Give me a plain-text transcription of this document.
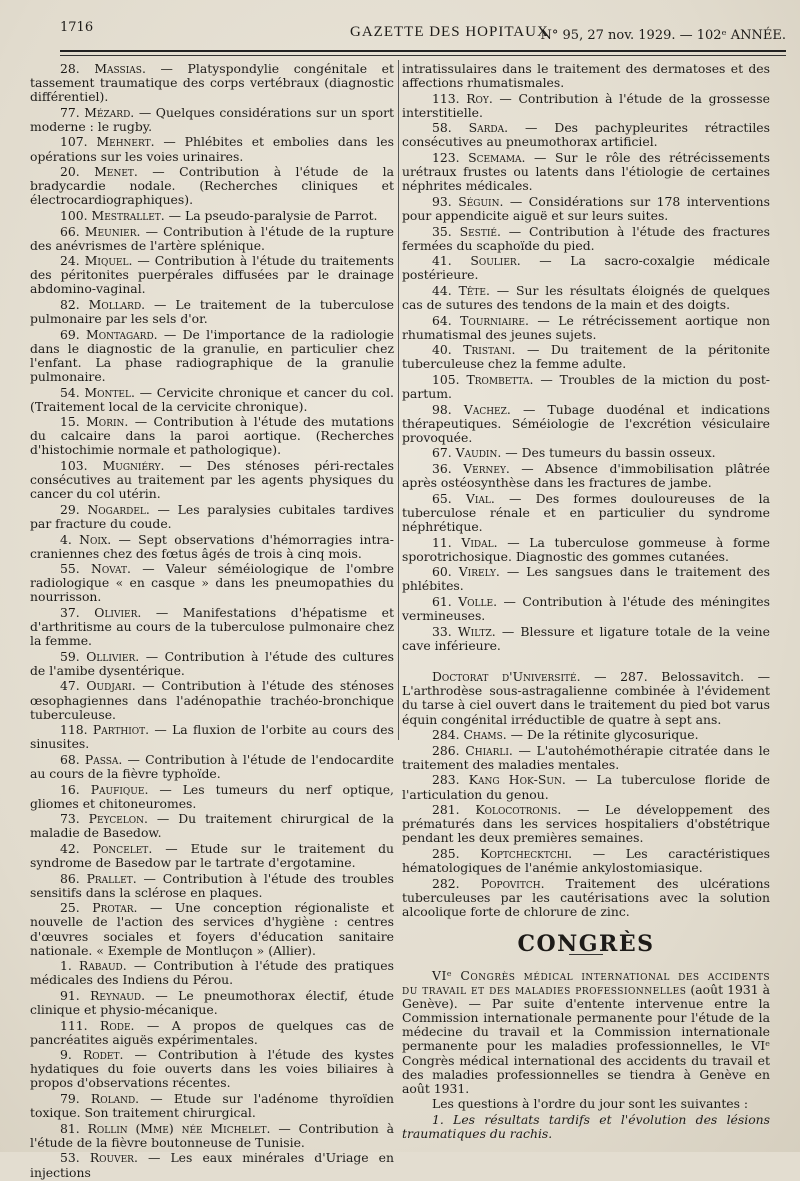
1716	GAZETTE DES HOPITAUX
N° 95, 27 nov. 1929. — 102ᵉ ANNÉE.
28. Massias. — Platyspondylie congénitale et tassement traumatique des corps vertébraux (diagnostic différentiel).
77. Mézard. — Quelques considérations sur un sport moderne : le rugby.
107. Mehnert. — Phlébites et embolies dans les opérations sur les voies urinaires.
20. Menet. — Contribution à l'étude de la bradycardie nodale. (Recherches cliniques et électrocardiographiques).
100. Mestrallet. — La pseudo-paralysie de Parrot.
66. Meunier. — Contribution à l'étude de la rupture des anévrismes de l'artère splénique.
24. Miquel. — Contribution à l'étude du traitements des péritonites puerpérales diffusées par le drainage abdomino-vaginal.
82. Mollard. — Le traitement de la tuberculose pulmonaire par les sels d'or.
69. Montagard. — De l'importance de la radiologie dans le diagnostic de la granulie, en particulier chez l'enfant. La phase radiographique de la granulie pulmonaire.
54. Montel. — Cervicite chronique et cancer du col. (Traitement local de la cervicite chronique).
15. Morin. — Contribution à l'étude des mutations du calcaire dans la paroi aortique. (Recherches d'histochimie normale et pathologique).
103. Mugniéry. — Des sténoses péri-rectales consécutives au traitement par les agents physiques du cancer du col utérin.
29. Nogardel. — Les paralysies cubitales tardives par fracture du coude.
4. Noix. — Sept observations d'hémorragies intra-craniennes chez des fœtus âgés de trois à cinq mois.
55. Novat. — Valeur séméiologique de l'ombre radiologique « en casque » dans les pneumopathies du nourrisson.
37. Olivier. — Manifestations d'hépatisme et d'arthritisme au cours de la tuberculose pulmonaire chez la femme.
59. Ollivier. — Contribution à l'étude des cultures de l'amibe dysentérique.
47. Oudjari. — Contribution à l'étude des sténoses œsophagiennes dans l'adénopathie trachéo-bronchique tuberculeuse.
118. Parthiot. — La fluxion de l'orbite au cours des sinusites.
68. Passa. — Contribution à l'étude de l'endocardite au cours de la fièvre typhoïde.
16. Paufique. — Les tumeurs du nerf optique, gliomes et chitoneuromes.
73. Peycelon. — Du traitement chirurgical de la maladie de Basedow.
42. Poncelet. — Etude sur le traitement du syndrome de Basedow par le tartrate d'ergotamine.
86. Prallet. — Contribution à l'étude des troubles sensitifs dans la sclérose en plaques.
25. Protar. — Une conception régionaliste et nouvelle de l'action des services d'hygiène : centres d'œuvres sociales et foyers d'éducation sanitaire nationale. « Exemple de Montluçon » (Allier).
1. Rabaud. — Contribution à l'étude des pratiques médicales des Indiens du Pérou.
91. Reynaud. — Le pneumothorax électif, étude clinique et physio-mécanique.
111. Rode. — A propos de quelques cas de pancréatites aiguës expérimentales.
9. Rodet. — Contribution à l'étude des kystes hydatiques du foie ouverts dans les voies biliaires à propos d'observations récentes.
79. Roland. — Etude sur l'adénome thyroïdien toxique. Son traitement chirurgical.
81. Rollin (Mme) née Michelet. — Contribution à l'étude de la fièvre boutonneuse de Tunisie.
53. Rouver. — Les eaux minérales d'Uriage en injections
intratissulaires dans le traitement des dermatoses et des affections rhumatismales.
113. Roy. — Contribution à l'étude de la grossesse interstitielle.
58. Sarda. — Des pachypleurites rétractiles consécutives au pneumothorax artificiel.
123. Scemama. — Sur le rôle des rétrécissements urétraux frustes ou latents dans l'étiologie de certaines néphrites médicales.
93. Séguin. — Considérations sur 178 interventions pour appendicite aiguë et sur leurs suites.
35. Sestié. — Contribution à l'étude des fractures fermées du scaphoïde du pied.
41. Soulier. — La sacro-coxalgie médicale postérieure.
44. Tête. — Sur les résultats éloignés de quelques cas de sutures des tendons de la main et des doigts.
64. Tourniaire. — Le rétrécissement aortique non rhumatismal des jeunes sujets.
40. Tristani. — Du traitement de la péritonite tuberculeuse chez la femme adulte.
105. Trombetta. — Troubles de la miction du post-partum.
98. Vachez. — Tubage duodénal et indications thérapeutiques. Séméiologie de l'excrétion vésiculaire provoquée.
67. Vaudin. — Des tumeurs du bassin osseux.
36. Verney. — Absence d'immobilisation plâtrée après ostéosynthèse dans les fractures de jambe.
65. Vial. — Des formes douloureuses de la tuberculose rénale et en particulier du syndrome néphrétique.
11. Vidal. — La tuberculose gommeuse à forme sporotrichosique. Diagnostic des gommes cutanées.
60. Virely. — Les sangsues dans le traitement des phlébites.
61. Volle. — Contribution à l'étude des méningites vermineuses.
33. Wiltz. — Blessure et ligature totale de la veine cave inférieure.
Doctorat d'Université. — 287. Belossavitch. — L'arthrodèse sous-astragalienne combinée à l'évidement du tarse à ciel ouvert dans le traitement du pied bot varus équin congénital irréductible de quatre à sept ans.
284. Chams. — De la rétinite glycosurique.
286. Chiarli. — L'autohémothérapie citratée dans le traitement des maladies mentales.
283. Kang Hok-Sun. — La tuberculose floride de l'articulation du genou.
281. Kolocotronis. — Le développement des prématurés dans les services hospitaliers d'obstétrique pendant les deux premières semaines.
285. Koptchecktchi. — Les caractéristiques hématologiques de l'anémie ankylostomiasique.
282. Popovitch. Traitement des ulcérations tuberculeuses par les cautérisations avec la solution alcoolique forte de chlorure de zinc.
CONGRÈS
VIᵉ Congrès médical international des accidents du travail et des maladies professionnelles (août 1931 à Genève). — Par suite d'entente intervenue entre la Commission internationale permanente pour l'étude de la médecine du travail et la Commission internationale permanente pour les maladies professionnelles, le VIᵉ Congrès médical international des accidents du travail et des maladies professionnelles se tiendra à Genève en août 1931.
Les questions à l'ordre du jour sont les suivantes :
1. Les résultats tardifs et l'évolution des lésions traumatiques du rachis.
